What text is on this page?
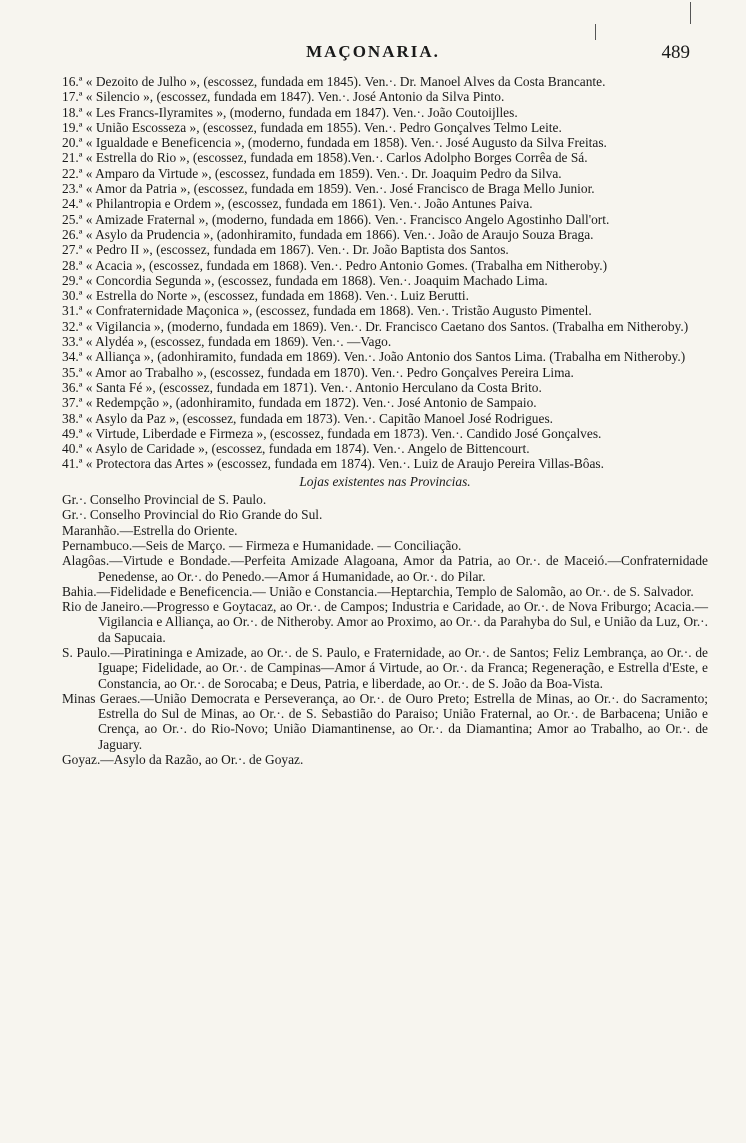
MAÇONARIA.	489
16.ª « Dezoito de Julho », (escossez, fundada em 1845). Ven.·. Dr. Manoel Alves da Costa Brancante.
17.ª « Silencio », (escossez, fundada em 1847). Ven.·. José Antonio da Silva Pinto.
18.ª « Les Francs-Ilyramites », (moderno, fundada em 1847). Ven.·. João Coutoijlles.
19.ª « União Escosseza », (escossez, fundada em 1855). Ven.·. Pedro Gonçalves Telmo Leite.
20.ª « Igualdade e Beneficencia », (moderno, fundada em 1858). Ven.·. José Augusto da Silva Freitas.
21.ª « Estrella do Rio », (escossez, fundada em 1858).Ven.·. Carlos Adolpho Borges Corrêa de Sá.
22.ª « Amparo da Virtude », (escossez, fundada em 1859). Ven.·. Dr. Joaquim Pedro da Silva.
23.ª « Amor da Patria », (escossez, fundada em 1859). Ven.·. José Francisco de Braga Mello Junior.
24.ª « Philantropia e Ordem », (escossez, fundada em 1861). Ven.·. João Antunes Paiva.
25.ª « Amizade Fraternal », (moderno, fundada em 1866). Ven.·. Francisco Angelo Agostinho Dall'ort.
26.ª « Asylo da Prudencia », (adonhiramito, fundada em 1866). Ven.·. João de Araujo Souza Braga.
27.ª « Pedro II », (escossez, fundada em 1867). Ven.·. Dr. João Baptista dos Santos.
28.ª « Acacia », (escossez, fundada em 1868). Ven.·. Pedro Antonio Gomes. (Trabalha em Nitheroby.)
29.ª « Concordia Segunda », (escossez, fundada em 1868). Ven.·. Joaquim Machado Lima.
30.ª « Estrella do Norte », (escossez, fundada em 1868). Ven.·. Luiz Berutti.
31.ª « Confraternidade Maçonica », (escossez, fundada em 1868). Ven.·. Tristão Augusto Pimentel.
32.ª « Vigilancia », (moderno, fundada em 1869). Ven.·. Dr. Francisco Caetano dos Santos. (Trabalha em Nitheroby.)
33.ª « Alydéa », (escossez, fundada em 1869). Ven.·. —Vago.
34.ª « Alliança », (adonhiramito, fundada em 1869). Ven.·. João Antonio dos Santos Lima. (Trabalha em Nitheroby.)
35.ª « Amor ao Trabalho », (escossez, fundada em 1870). Ven.·. Pedro Gonçalves Pereira Lima.
36.ª « Santa Fé », (escossez, fundada em 1871). Ven.·. Antonio Herculano da Costa Brito.
37.ª « Redempção », (adonhiramito, fundada em 1872). Ven.·. José Antonio de Sampaio.
38.ª « Asylo da Paz », (escossez, fundada em 1873). Ven.·. Capitão Manoel José Rodrigues.
49.ª « Virtude, Liberdade e Firmeza », (escossez, fundada em 1873). Ven.·. Candido José Gonçalves.
40.ª « Asylo de Caridade », (escossez, fundada em 1874). Ven.·. Angelo de Bittencourt.
41.ª « Protectora das Artes » (escossez, fundada em 1874). Ven.·. Luiz de Araujo Pereira Villas-Bôas.
Lojas existentes nas Provincias.
Gr.·. Conselho Provincial de S. Paulo.
Gr.·. Conselho Provincial do Rio Grande do Sul.
Maranhão.—Estrella do Oriente.
Pernambuco.—Seis de Março. — Firmeza e Humanidade. — Conciliação.
Alagôas.—Virtude e Bondade.—Perfeita Amizade Alagoana, Amor da Patria, ao Or.·. de Maceió.—Confraternidade Penedense, ao Or.·. do Penedo.—Amor á Humanidade, ao Or.·. do Pilar.
Bahia.—Fidelidade e Beneficencia.— União e Constancia.—Heptarchia, Templo de Salomão, ao Or.·. de S. Salvador.
Rio de Janeiro.—Progresso e Goytacaz, ao Or.·. de Campos; Industria e Caridade, ao Or.·. de Nova Friburgo; Acacia.—Vigilancia e Alliança, ao Or.·. de Nitheroby. Amor ao Proximo, ao Or.·. da Parahyba do Sul, e União da Luz, Or.·. da Sapucaia.
S. Paulo.—Piratininga e Amizade, ao Or.·. de S. Paulo, e Fraternidade, ao Or.·. de Santos; Feliz Lembrança, ao Or.·. de Iguape; Fidelidade, ao Or.·. de Campinas—Amor á Virtude, ao Or.·. da Franca; Regeneração, e Estrella d'Este, e Constancia, ao Or.·. de Sorocaba; e Deus, Patria, e liberdade, ao Or.·. de S. João da Boa-Vista.
Minas Geraes.—União Democrata e Perseverança, ao Or.·. de Ouro Preto; Estrella de Minas, ao Or.·. do Sacramento; Estrella do Sul de Minas, ao Or.·. de S. Sebastião do Paraiso; União Fraternal, ao Or.·. de Barbacena; União e Crença, ao Or.·. do Rio-Novo; União Diamantinense, ao Or.·. da Diamantina; Amor ao Trabalho, ao Or.·. de Jaguary.
Goyaz.—Asylo da Razão, ao Or.·. de Goyaz.
